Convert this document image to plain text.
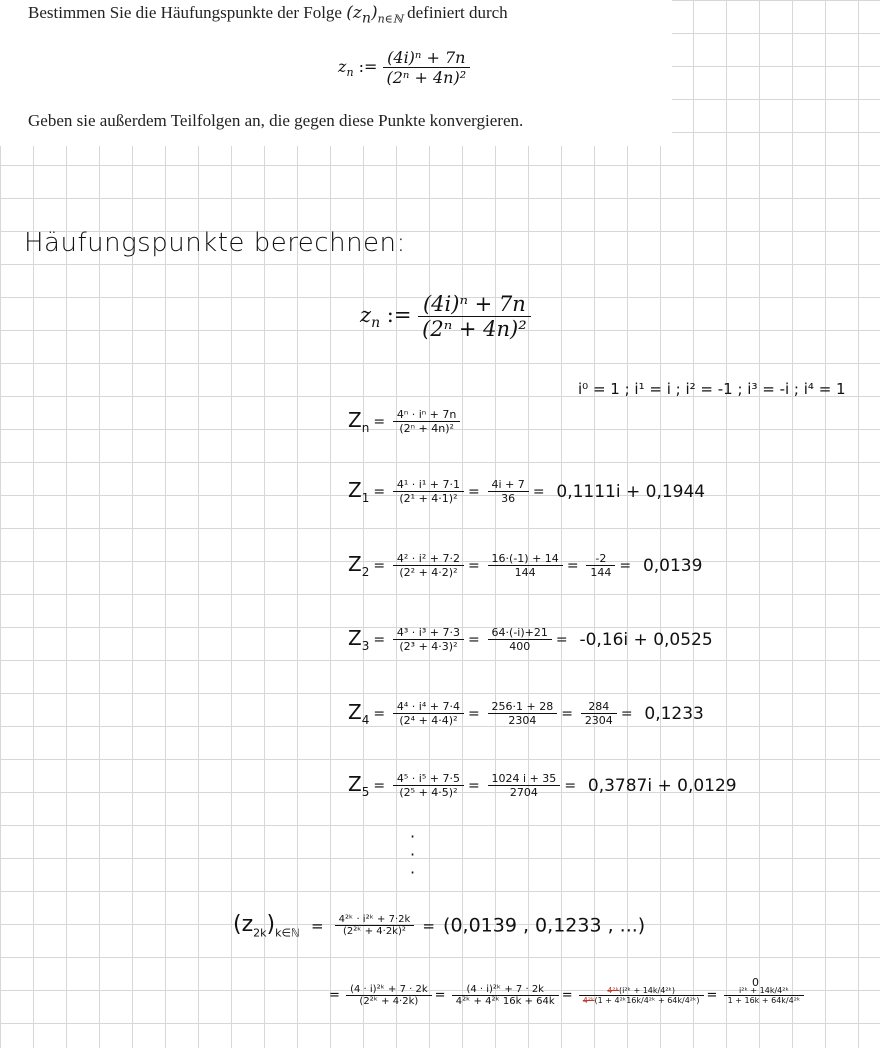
Bestimmen Sie die Häufungspunkte der Folge $(z_n)_{n\in ℕ}$ definiert durch
$z_n$ := $\frac{\text{(4i)ⁿ + 7n}}{\text{(2ⁿ + 4n)²}}$
Geben sie außerdem Teilfolgen an, die gegen diese Punkte konvergieren.
Häufungspunkte berechnen:
$z_n$ := $\frac{\text{(4i)ⁿ + 7n}}{\text{(2ⁿ + 4n)²}}$
i⁰ = 1 ; i¹ = i ; i² = -1 ; i³ = -i ; i⁴ = 1
$Z_n = \frac{\text{4ⁿ · iⁿ + 7n}}{\text{(2ⁿ + 4n)²}}$
$Z_1 = \frac{\text{4¹ · i¹ + 7·1}}{\text{(2¹ + 4·1)²}} = \frac{4i + 7}{36} = 0,1111i + 0,1944$
$Z_2 = \frac{\text{4² · i² + 7·2}}{\text{(2² + 4·2)²}} = \frac{16\cdot(-1) + 14}{144} = \frac{-2}{144} = 0,0139$
$Z_3 = \frac{\text{4³ · i³ + 7·3}}{\text{(2³ + 4·3)²}} = \frac{64\cdot(-i)+21}{400} = -0,16i + 0,0525$
$Z_4 = \frac{\text{4⁴ · i⁴ + 7·4}}{\text{(2⁴ + 4·4)²}} = \frac{256\cdot 1 + 28}{2304} = \frac{284}{2304} = 0,1233$
$Z_5 = \frac{\text{4⁵ · i⁵ + 7·5}}{\text{(2⁵ + 4·5)²}} = \frac{1024 i + 35}{2704} = 0,3787i + 0,0129$
·
·
·
$(z_{2k})_{k\in ℕ} = \frac{\text{4²ᵏ · i²ᵏ + 7·2k}}{\text{(2²ᵏ + 4·2k)²}} = (0,0139$ , 0,1233 , ...)
= $\frac{\text{(4 · i)²ᵏ + 7 · 2k}}{\text{(2²ᵏ + 4·2k)}} = \frac{\text{(4 · i)²ᵏ + 7 · 2k}}{\text{4²ᵏ + 4²ᵏ 16k + 64k}} = \frac{\text{4²ᵏ(i²ᵏ + 14k/4²ᵏ)}}{\text{4²ᵏ(1 + 4²ᵏ16k/4²ᵏ + 64k/4²ᵏ)}} = \frac{\text{i²ᵏ + 14k/4²ᵏ}}{\text{1 + 16k + 64k/4²ᵏ}}$
0
